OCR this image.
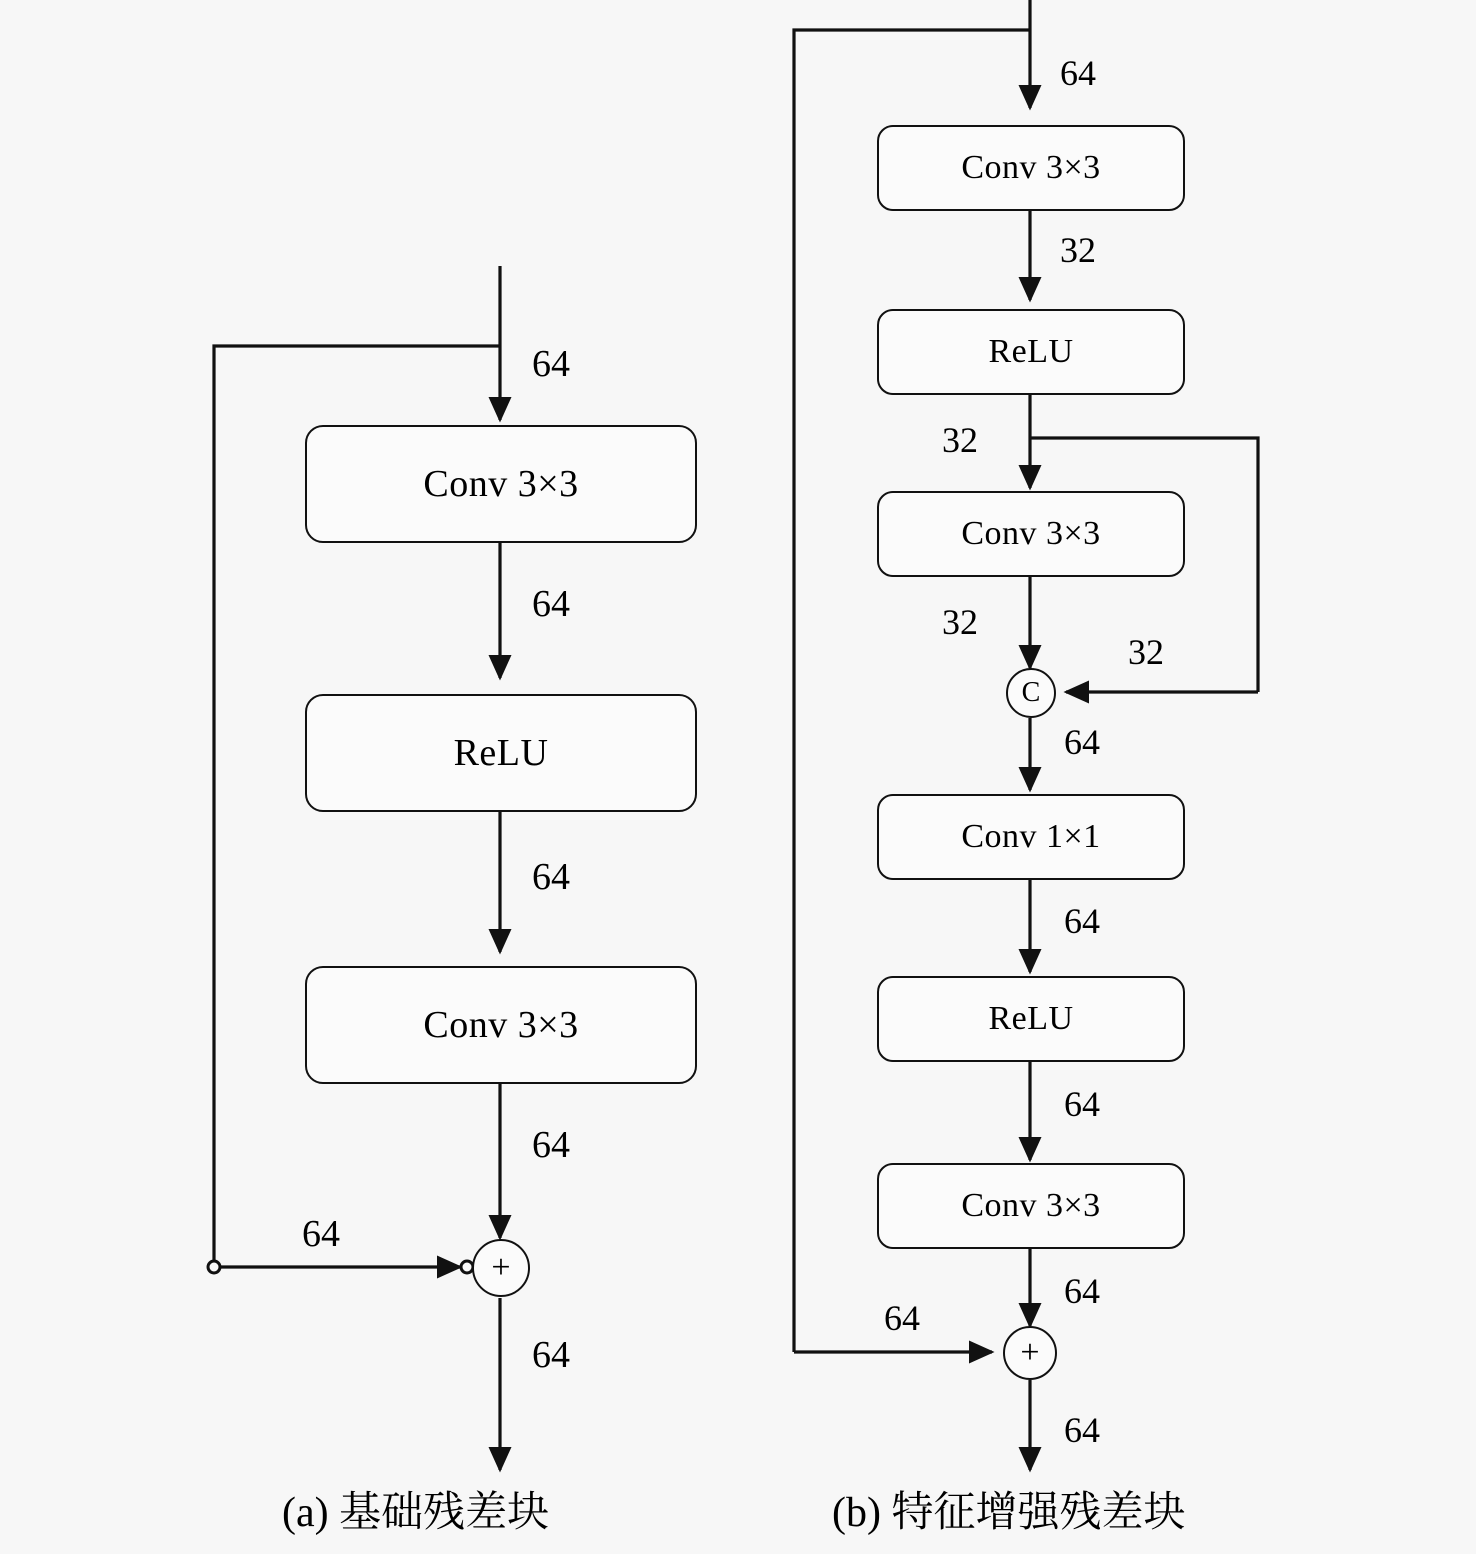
Conv 3×3
ReLU
Conv 3×3
+
64
64
64
64
64
64
Conv 3×3
ReLU
Conv 3×3
C
Conv 1×1
ReLU
Conv 3×3
+
64
32
32
32
32
64
64
64
64
64
64
(a) 基础残差块	(b) 特征增强残差块
